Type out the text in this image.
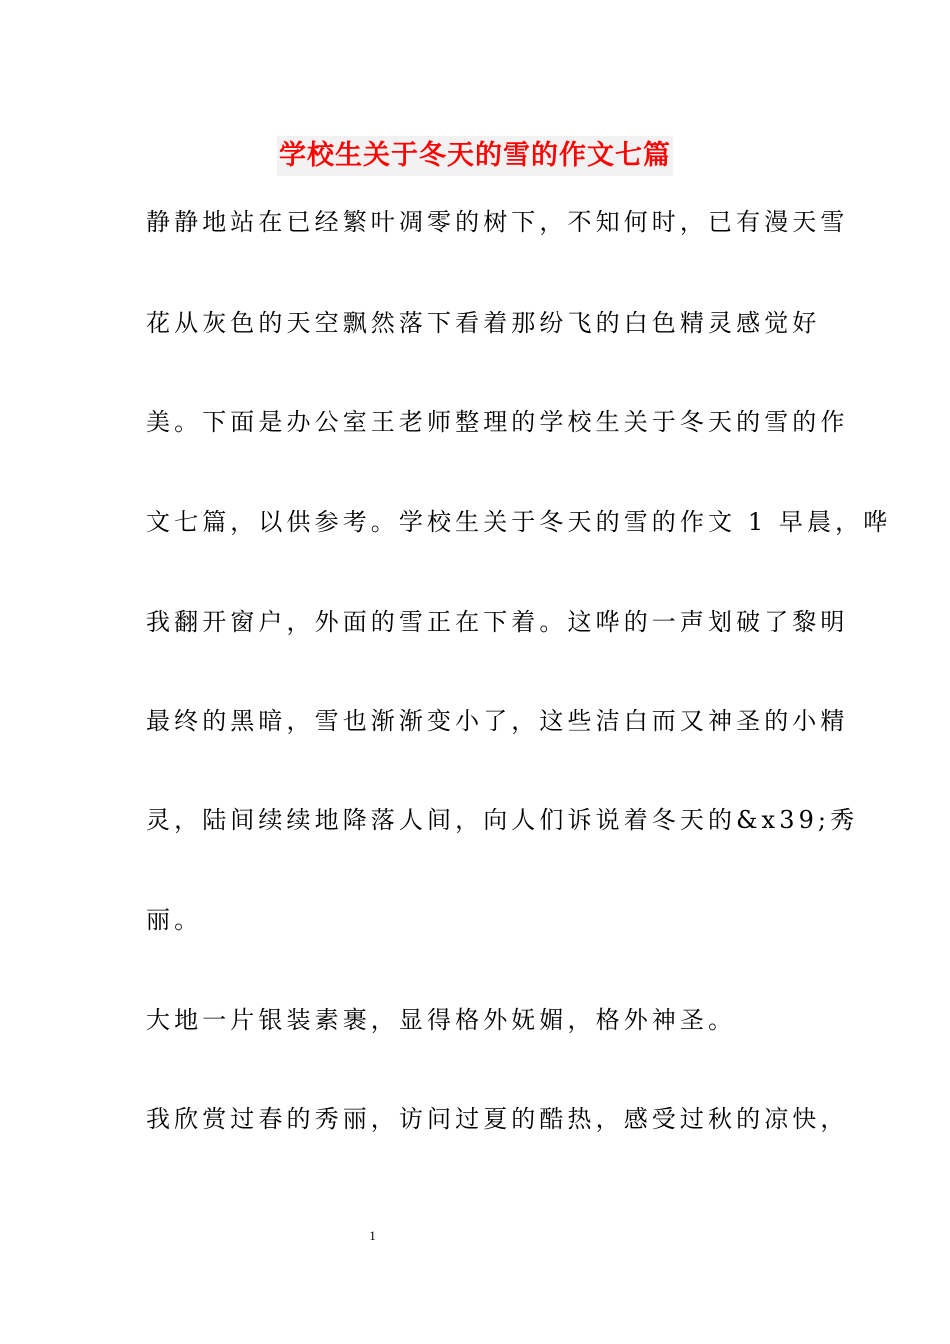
学校生关于冬天的雪的作文七篇

静静地站在已经繁叶凋零的树下，不知何时，已有漫天雪

花从灰色的天空飘然落下看着那纷飞的白色精灵感觉好

美。下面是办公室王老师整理的学校生关于冬天的雪的作

文七篇，以供参考。学校生关于冬天的雪的作文 1 早晨，哗

我翻开窗户，外面的雪正在下着。这哗的一声划破了黎明

最终的黑暗，雪也渐渐变小了，这些洁白而又神圣的小精

灵，陆间续续地降落人间，向人们诉说着冬天的&x39;秀

丽。

大地一片银装素裹，显得格外妩媚，格外神圣。

我欣赏过春的秀丽，访问过夏的酷热，感受过秋的凉快，

1
